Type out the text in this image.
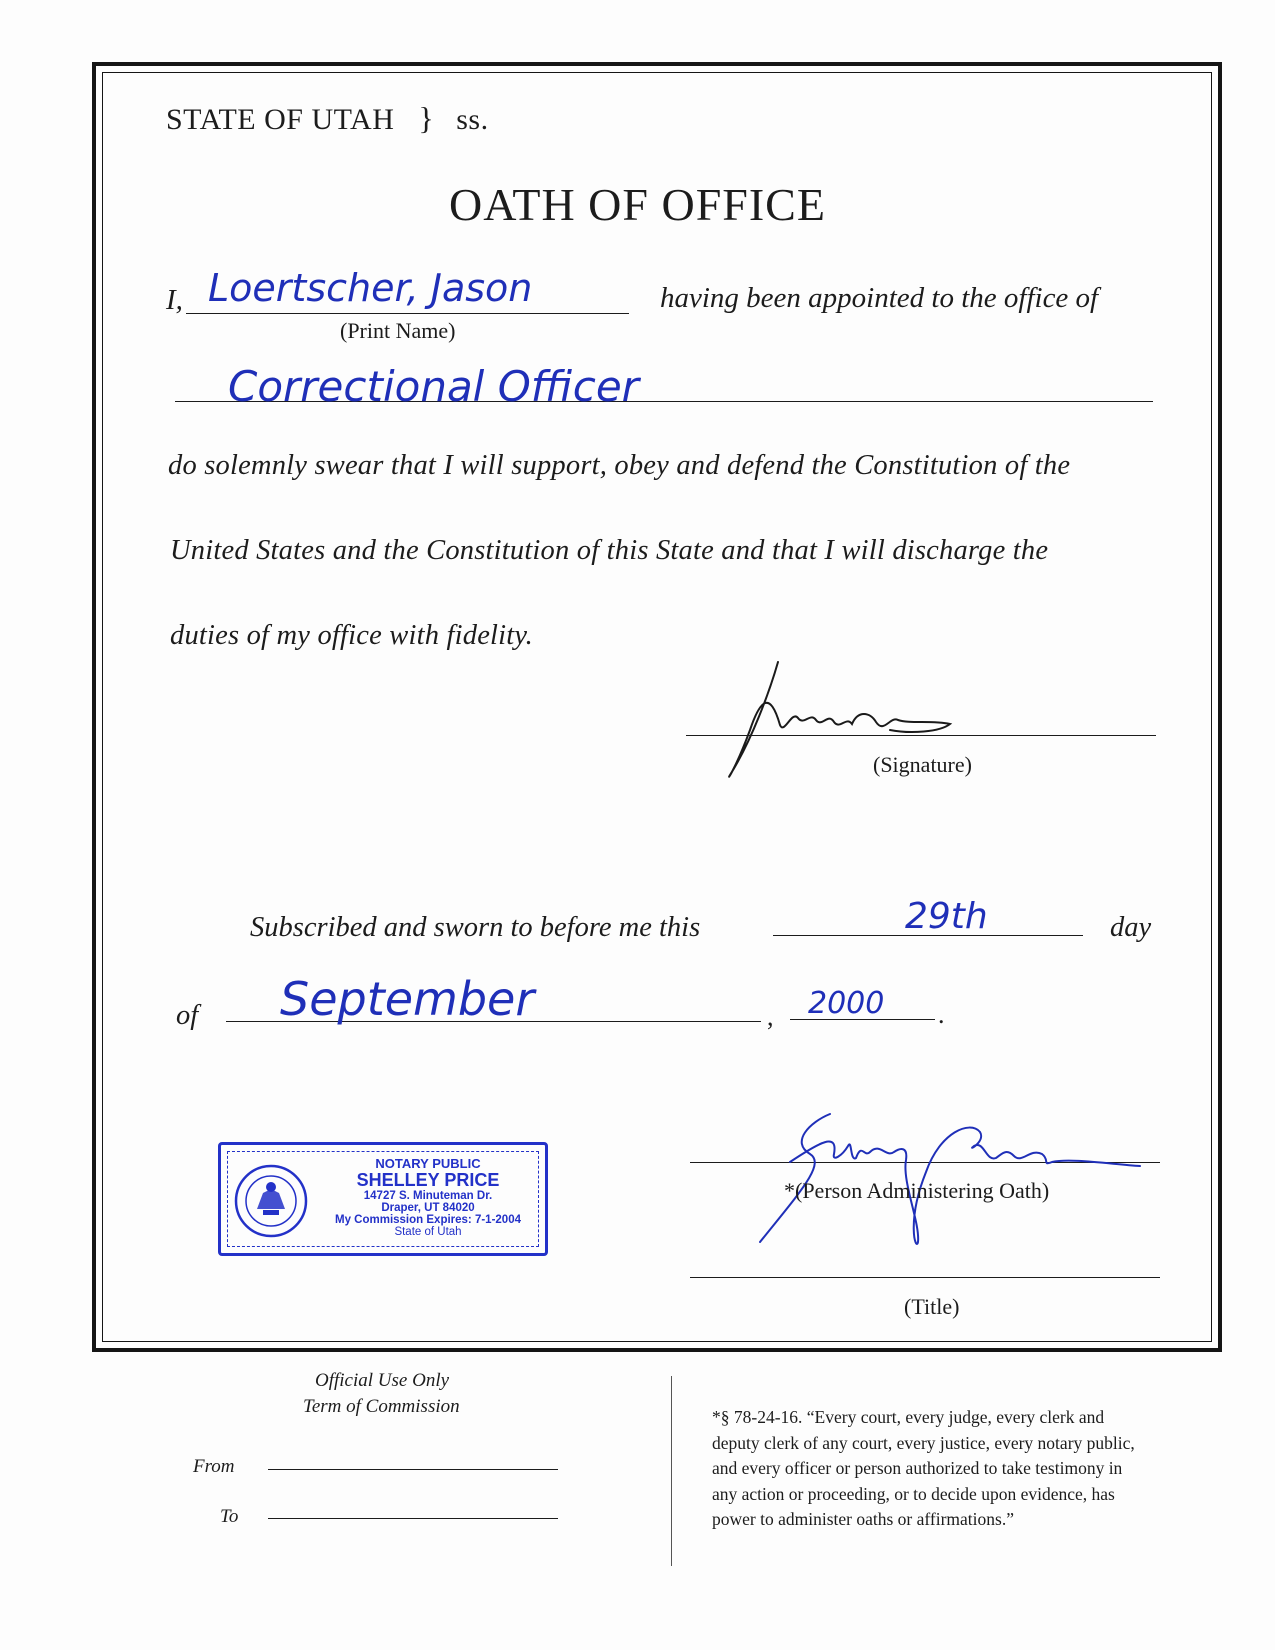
STATE OF UTAH } ss.
OATH OF OFFICE
I, Loertscher, Jason
(Print Name)
having been appointed to the office of
Correctional Officer
do solemnly swear that I will support, obey and defend the Constitution of the
United States and the Constitution of this State and that I will discharge the
duties of my office with fidelity.
(Signature)
Subscribed and sworn to before me this	29th	day
of September	, 2000 .
NOTARY PUBLIC
SHELLEY PRICE
14727 S. Minuteman Dr.
Draper, UT 84020
My Commission Expires: 7-1-2004
State of Utah
*(Person Administering Oath)
(Title)
Official Use Only
Term of Commission
From
To
*§ 78-24-16. “Every court, every judge, every clerk and
deputy clerk of any court, every justice, every notary public,
and every officer or person authorized to take testimony in
any action or proceeding, or to decide upon evidence, has
power to administer oaths or affirmations.”
